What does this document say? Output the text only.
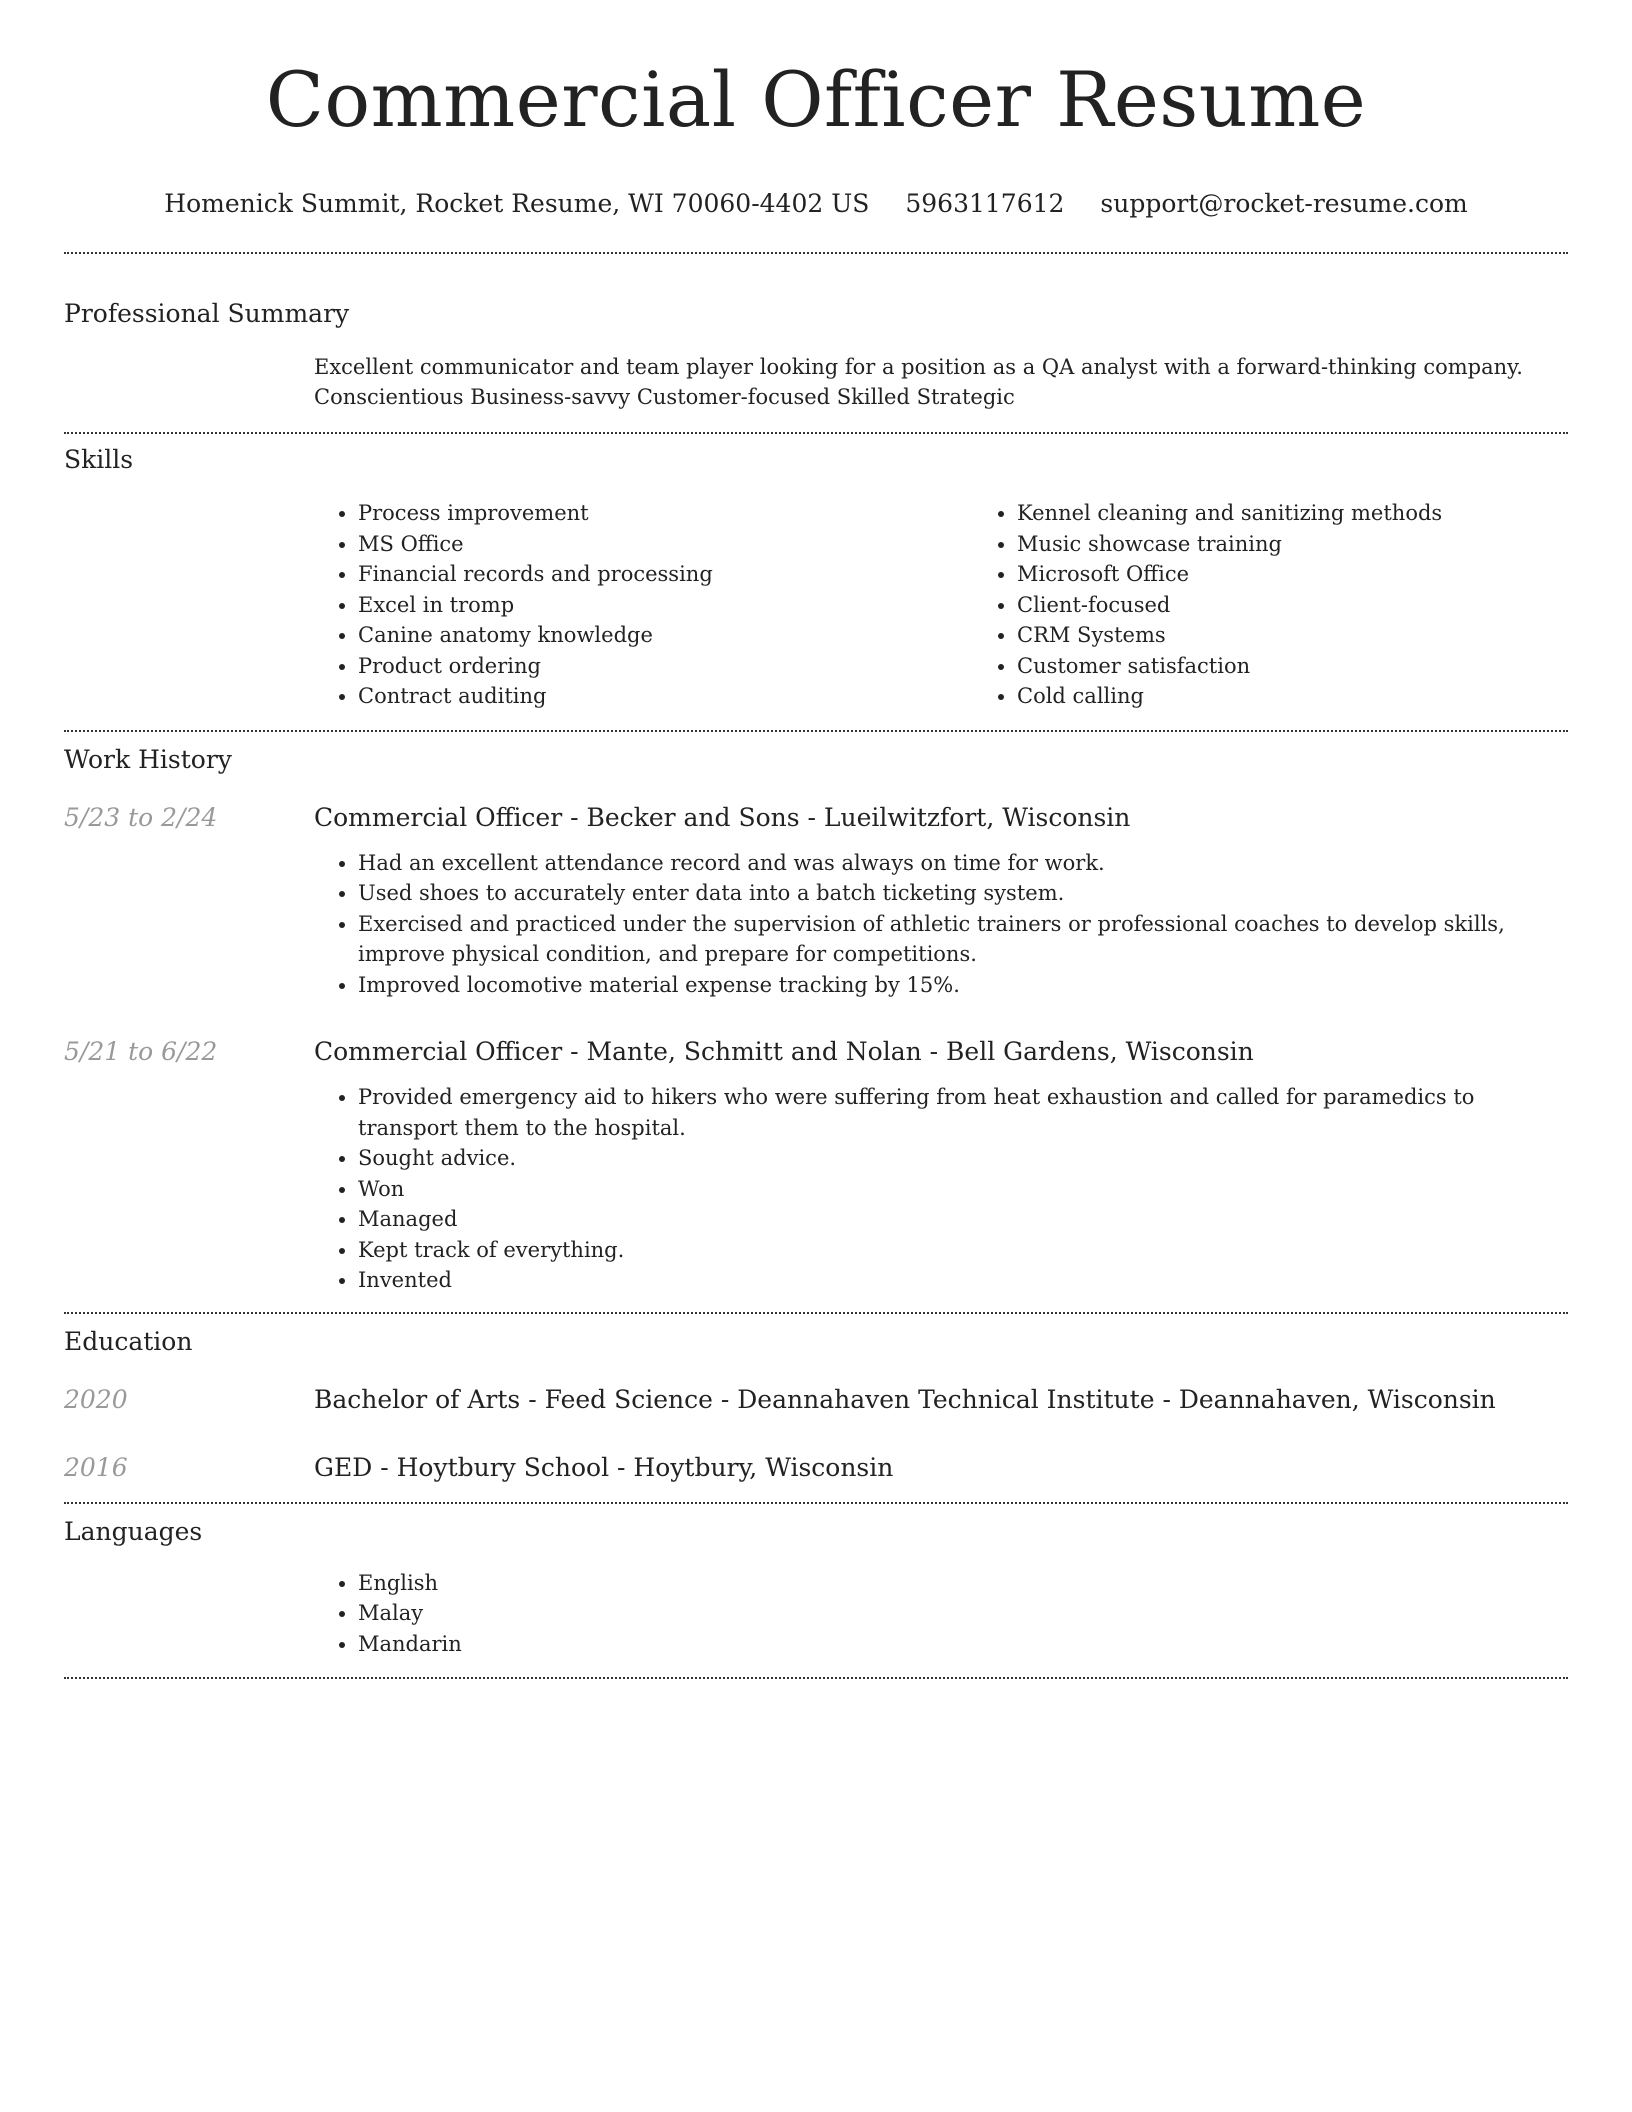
Commercial Officer Resume
Homenick Summit, Rocket Resume, WI 70060-4402 US 5963117612 support@rocket-resume.com
Professional Summary
Excellent communicator and team player looking for a position as a QA analyst with a forward-thinking company.
Conscientious Business-savvy Customer-focused Skilled Strategic
Skills
• Process improvement
• MS Office
• Financial records and processing
• Excel in tromp
• Canine anatomy knowledge
• Product ordering
• Contract auditing
• Kennel cleaning and sanitizing methods
• Music showcase training
• Microsoft Office
• Client-focused
• CRM Systems
• Customer satisfaction
• Cold calling
Work History
5/23 to 2/24	Commercial Officer - Becker and Sons - Lueilwitzfort, Wisconsin
• Had an excellent attendance record and was always on time for work.
• Used shoes to accurately enter data into a batch ticketing system.
• Exercised and practiced under the supervision of athletic trainers or professional coaches to develop skills, improve physical condition, and prepare for competitions.
• Improved locomotive material expense tracking by 15%.
5/21 to 6/22	Commercial Officer - Mante, Schmitt and Nolan - Bell Gardens, Wisconsin
• Provided emergency aid to hikers who were suffering from heat exhaustion and called for paramedics to transport them to the hospital.
• Sought advice.
• Won
• Managed
• Kept track of everything.
• Invented
Education
2020	Bachelor of Arts - Feed Science - Deannahaven Technical Institute - Deannahaven, Wisconsin
2016	GED - Hoytbury School - Hoytbury, Wisconsin
Languages
• English
• Malay
• Mandarin
